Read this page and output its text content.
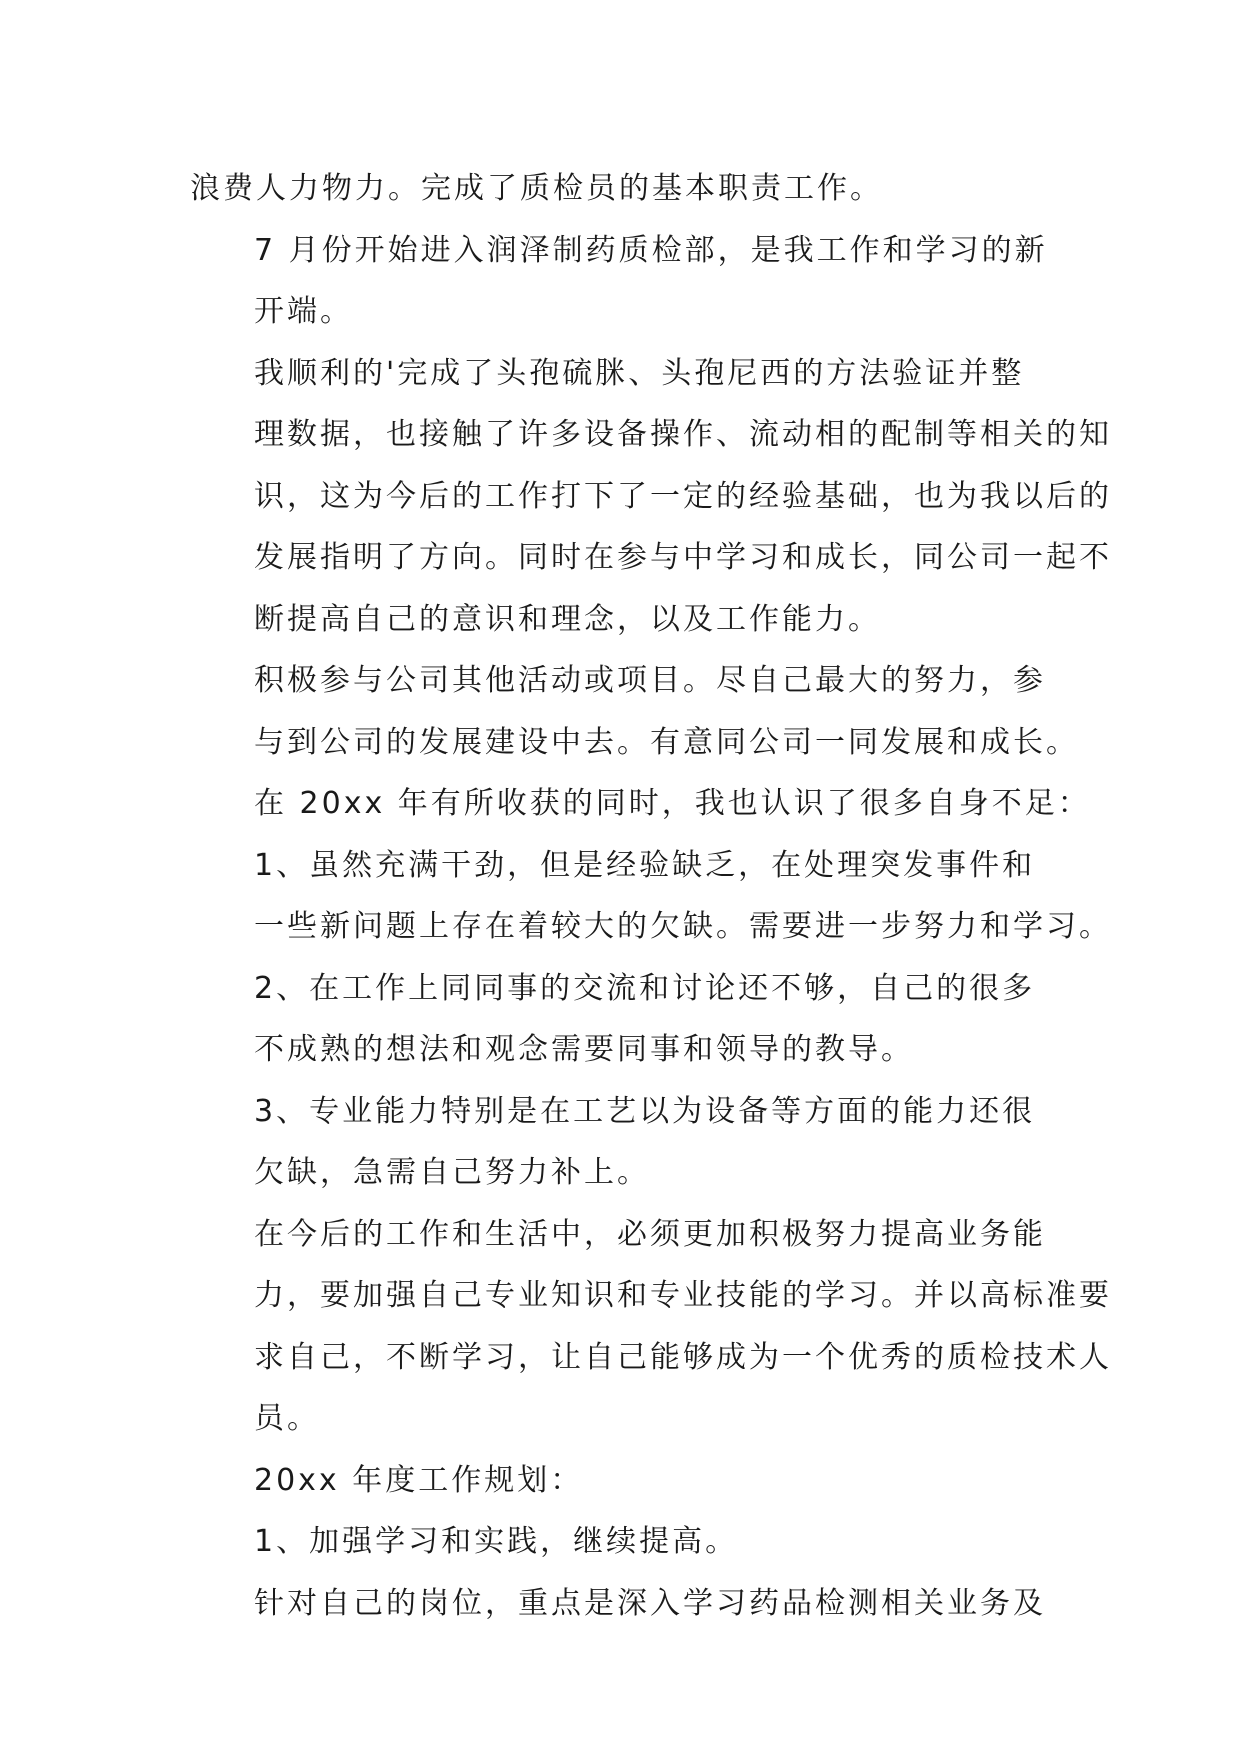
浪费人力物力。完成了质检员的基本职责工作。

7 月份开始进入润泽制药质检部，是我工作和学习的新
开端。

我顺利的'完成了头孢硫脒、头孢尼西的方法验证并整
理数据，也接触了许多设备操作、流动相的配制等相关的知
识，这为今后的工作打下了一定的经验基础，也为我以后的
发展指明了方向。同时在参与中学习和成长，同公司一起不
断提高自己的意识和理念，以及工作能力。

积极参与公司其他活动或项目。尽自己最大的努力，参
与到公司的发展建设中去。有意同公司一同发展和成长。

在 20xx 年有所收获的同时，我也认识了很多自身不足：

1、虽然充满干劲，但是经验缺乏，在处理突发事件和
一些新问题上存在着较大的欠缺。需要进一步努力和学习。

2、在工作上同同事的交流和讨论还不够，自己的很多
不成熟的想法和观念需要同事和领导的教导。

3、专业能力特别是在工艺以为设备等方面的能力还很
欠缺，急需自己努力补上。

在今后的工作和生活中，必须更加积极努力提高业务能
力，要加强自己专业知识和专业技能的学习。并以高标准要
求自己，不断学习，让自己能够成为一个优秀的质检技术人
员。

20xx 年度工作规划：

1、加强学习和实践，继续提高。

针对自己的岗位，重点是深入学习药品检测相关业务及
